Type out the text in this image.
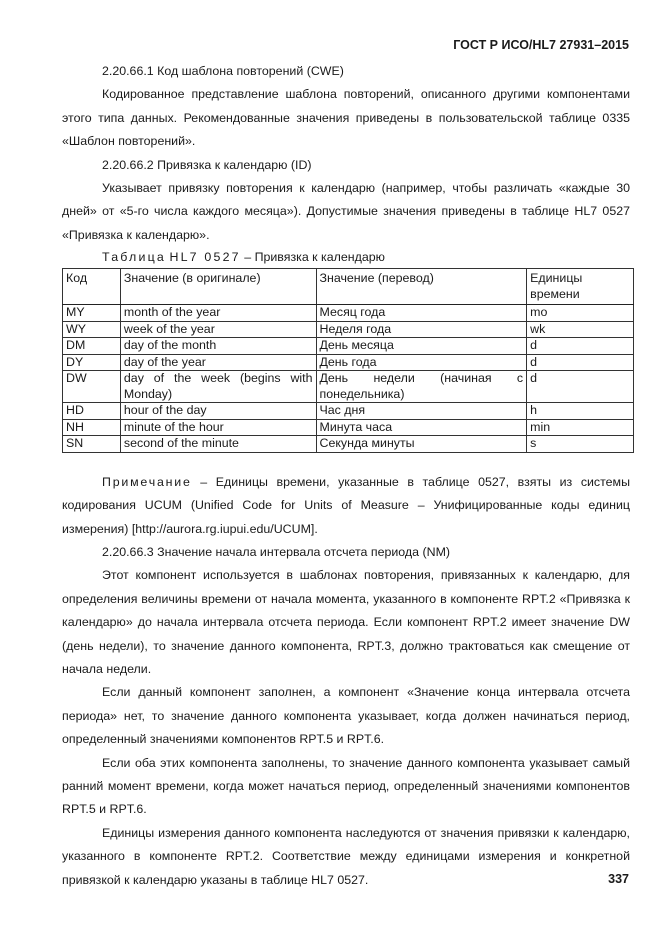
ГОСТ Р ИСО/HL7 27931–2015

2.20.66.1 Код шаблона повторений (CWE)

Кодированное представление шаблона повторений, описанного другими компонентами этого типа данных. Рекомендованные значения приведены в пользовательской таблице 0335 «Шаблон повторений».

2.20.66.2 Привязка к календарю (ID)

Указывает привязку повторения к календарю (например, чтобы различать «каждые 30 дней» от «5-го числа каждого месяца»). Допустимые значения приведены в таблице HL7 0527 «Привязка к календарю».

Таблица HL7 0527 – Привязка к календарю
Код	Значение (в оригинале)	Значение (перевод)	Единицы времени
MY	month of the year	Месяц года	mo
WY	week of the year	Неделя года	wk
DM	day of the month	День месяца	d
DY	day of the year	День года	d
DW	day of the week (begins with Monday)	День недели (начиная с понедельника)	d
HD	hour of the day	Час дня	h
NH	minute of the hour	Минута часа	min
SN	second of the minute	Секунда минуты	s

Примечание – Единицы времени, указанные в таблице 0527, взяты из системы кодирования UCUM (Unified Code for Units of Measure – Унифицированные коды единиц измерения) [http://aurora.rg.iupui.edu/UCUM].

2.20.66.3 Значение начала интервала отсчета периода (NM)

Этот компонент используется в шаблонах повторения, привязанных к календарю, для определения величины времени от начала момента, указанного в компоненте RPT.2 «Привязка к календарю» до начала интервала отсчета периода. Если компонент RPT.2 имеет значение DW (день недели), то значение данного компонента, RPT.3, должно трактоваться как смещение от начала недели.

Если данный компонент заполнен, а компонент «Значение конца интервала отсчета периода» нет, то значение данного компонента указывает, когда должен начинаться период, определенный значениями компонентов RPT.5 и RPT.6.

Если оба этих компонента заполнены, то значение данного компонента указывает самый ранний момент времени, когда может начаться период, определенный значениями компонентов RPT.5 и RPT.6.

Единицы измерения данного компонента наследуются от значения привязки к календарю, указанного в компоненте RPT.2. Соответствие между единицами измерения и конкретной привязкой к календарю указаны в таблице HL7 0527.	337
